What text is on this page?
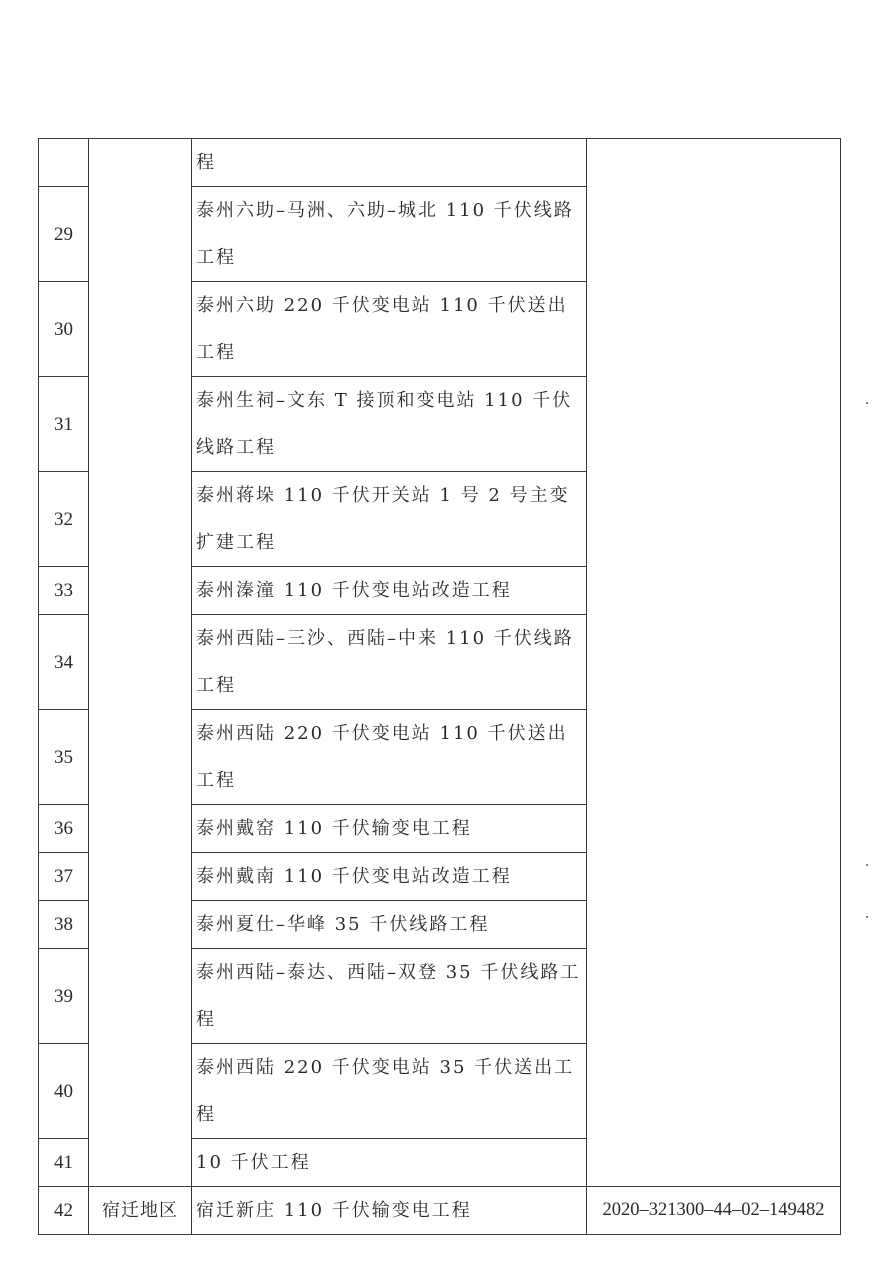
		程	
29		泰州六助–马洲、六助–城北 110 千伏线路工程	
30		泰州六助 220 千伏变电站 110 千伏送出工程	
31		泰州生祠–文东 T 接顶和变电站 110 千伏线路工程	
32		泰州蒋垛 110 千伏开关站 1 号 2 号主变扩建工程	
33		泰州溱潼 110 千伏变电站改造工程	
34		泰州西陆–三沙、西陆–中来 110 千伏线路工程	
35		泰州西陆 220 千伏变电站 110 千伏送出工程	
36		泰州戴窑 110 千伏输变电工程	
37		泰州戴南 110 千伏变电站改造工程	
38		泰州夏仕–华峰 35 千伏线路工程	
39		泰州西陆–泰达、西陆–双登 35 千伏线路工程	
40		泰州西陆 220 千伏变电站 35 千伏送出工程	
41		10 千伏工程	
42	宿迁地区	宿迁新庄 110 千伏输变电工程	2020–321300–44–02–149482
